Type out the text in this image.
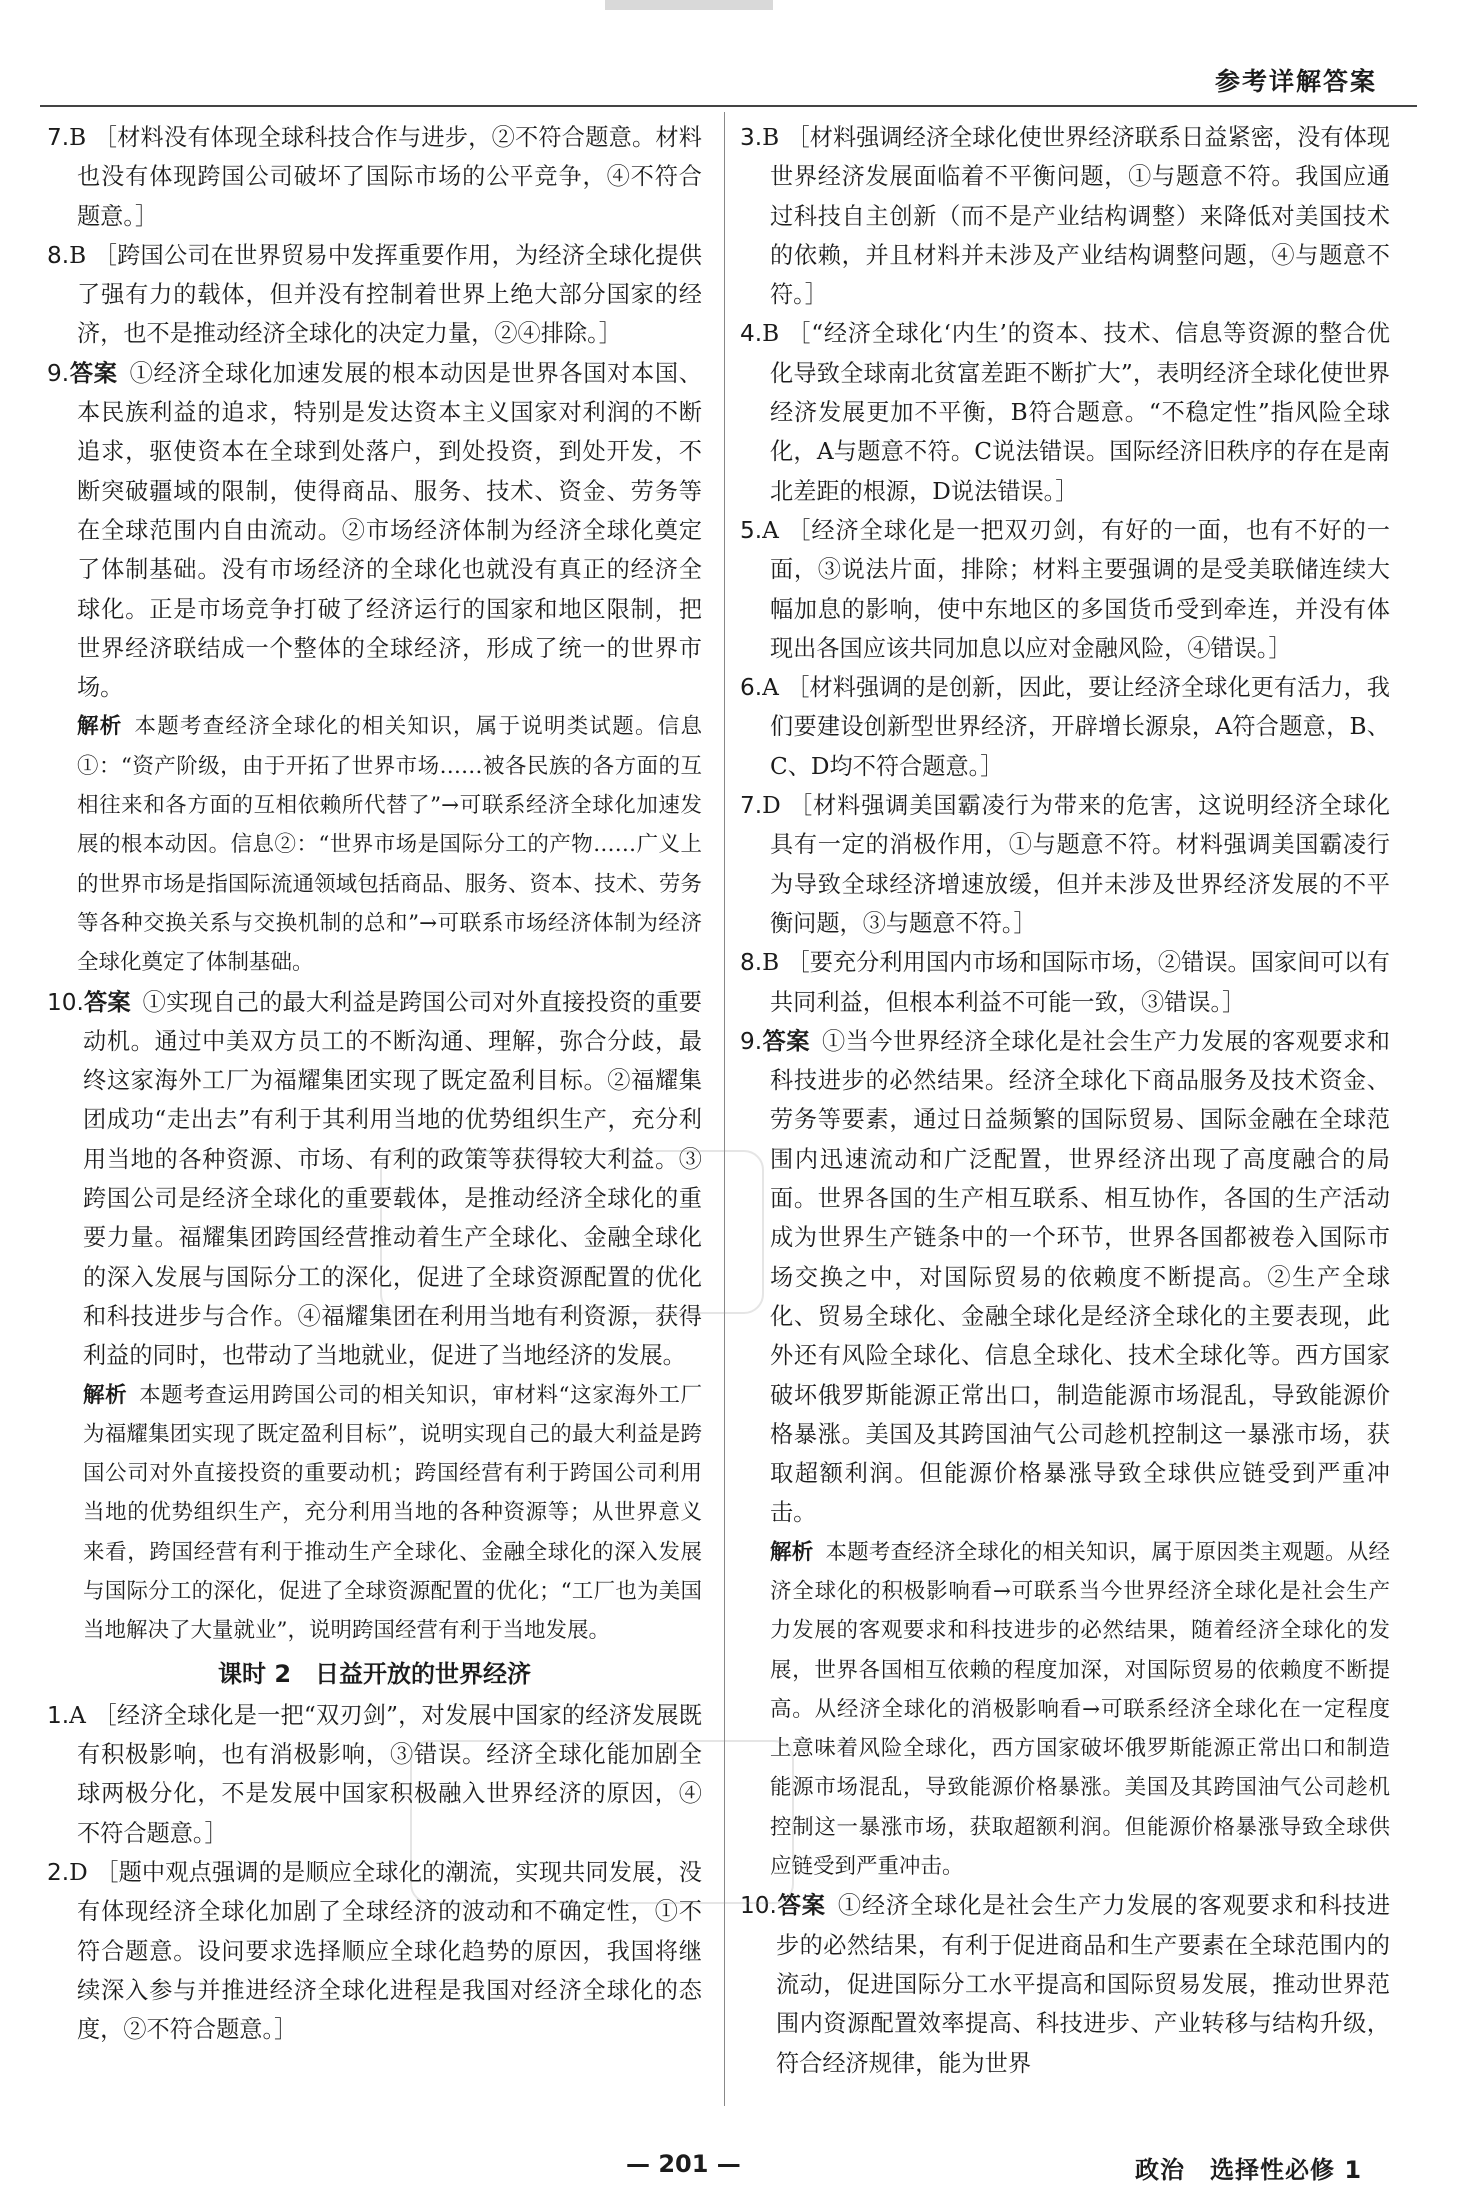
参考详解答案
7.B ［材料没有体现全球科技合作与进步，②不符合题意。材料也没有体现跨国公司破坏了国际市场的公平竞争，④不符合题意。］
8.B ［跨国公司在世界贸易中发挥重要作用，为经济全球化提供了强有力的载体，但并没有控制着世界上绝大部分国家的经济，也不是推动经济全球化的决定力量，②④排除。］
9.答案 ①经济全球化加速发展的根本动因是世界各国对本国、本民族利益的追求，特别是发达资本主义国家对利润的不断追求，驱使资本在全球到处落户，到处投资，到处开发，不断突破疆域的限制，使得商品、服务、技术、资金、劳务等在全球范围内自由流动。②市场经济体制为经济全球化奠定了体制基础。没有市场经济的全球化也就没有真正的经济全球化。正是市场竞争打破了经济运行的国家和地区限制，把世界经济联结成一个整体的全球经济，形成了统一的世界市场。
解析 本题考查经济全球化的相关知识，属于说明类试题。信息①：“资产阶级，由于开拓了世界市场……被各民族的各方面的互相往来和各方面的互相依赖所代替了”→可联系经济全球化加速发展的根本动因。信息②：“世界市场是国际分工的产物……广义上的世界市场是指国际流通领域包括商品、服务、资本、技术、劳务等各种交换关系与交换机制的总和”→可联系市场经济体制为经济全球化奠定了体制基础。
10.答案 ①实现自己的最大利益是跨国公司对外直接投资的重要动机。通过中美双方员工的不断沟通、理解，弥合分歧，最终这家海外工厂为福耀集团实现了既定盈利目标。②福耀集团成功“走出去”有利于其利用当地的优势组织生产，充分利用当地的各种资源、市场、有利的政策等获得较大利益。③跨国公司是经济全球化的重要载体，是推动经济全球化的重要力量。福耀集团跨国经营推动着生产全球化、金融全球化的深入发展与国际分工的深化，促进了全球资源配置的优化和科技进步与合作。④福耀集团在利用当地有利资源，获得利益的同时，也带动了当地就业，促进了当地经济的发展。
解析 本题考查运用跨国公司的相关知识，审材料“这家海外工厂为福耀集团实现了既定盈利目标”，说明实现自己的最大利益是跨国公司对外直接投资的重要动机；跨国经营有利于跨国公司利用当地的优势组织生产，充分利用当地的各种资源等；从世界意义来看，跨国经营有利于推动生产全球化、金融全球化的深入发展与国际分工的深化，促进了全球资源配置的优化；“工厂也为美国当地解决了大量就业”，说明跨国经营有利于当地发展。
课时 2　日益开放的世界经济
1.A ［经济全球化是一把“双刃剑”，对发展中国家的经济发展既有积极影响，也有消极影响，③错误。经济全球化能加剧全球两极分化，不是发展中国家积极融入世界经济的原因，④不符合题意。］
2.D ［题中观点强调的是顺应全球化的潮流，实现共同发展，没有体现经济全球化加剧了全球经济的波动和不确定性，①不符合题意。设问要求选择顺应全球化趋势的原因，我国将继续深入参与并推进经济全球化进程是我国对经济全球化的态度，②不符合题意。］
3.B ［材料强调经济全球化使世界经济联系日益紧密，没有体现世界经济发展面临着不平衡问题，①与题意不符。我国应通过科技自主创新（而不是产业结构调整）来降低对美国技术的依赖，并且材料并未涉及产业结构调整问题，④与题意不符。］
4.B ［“经济全球化‘内生’的资本、技术、信息等资源的整合优化导致全球南北贫富差距不断扩大”，表明经济全球化使世界经济发展更加不平衡，B符合题意。“不稳定性”指风险全球化，A与题意不符。C说法错误。国际经济旧秩序的存在是南北差距的根源，D说法错误。］
5.A ［经济全球化是一把双刃剑，有好的一面，也有不好的一面，③说法片面，排除；材料主要强调的是受美联储连续大幅加息的影响，使中东地区的多国货币受到牵连，并没有体现出各国应该共同加息以应对金融风险，④错误。］
6.A ［材料强调的是创新，因此，要让经济全球化更有活力，我们要建设创新型世界经济，开辟增长源泉，A符合题意，B、C、D均不符合题意。］
7.D ［材料强调美国霸凌行为带来的危害，这说明经济全球化具有一定的消极作用，①与题意不符。材料强调美国霸凌行为导致全球经济增速放缓，但并未涉及世界经济发展的不平衡问题，③与题意不符。］
8.B ［要充分利用国内市场和国际市场，②错误。国家间可以有共同利益，但根本利益不可能一致，③错误。］
9.答案 ①当今世界经济全球化是社会生产力发展的客观要求和科技进步的必然结果。经济全球化下商品服务及技术资金、劳务等要素，通过日益频繁的国际贸易、国际金融在全球范围内迅速流动和广泛配置，世界经济出现了高度融合的局面。世界各国的生产相互联系、相互协作，各国的生产活动成为世界生产链条中的一个环节，世界各国都被卷入国际市场交换之中，对国际贸易的依赖度不断提高。②生产全球化、贸易全球化、金融全球化是经济全球化的主要表现，此外还有风险全球化、信息全球化、技术全球化等。西方国家破坏俄罗斯能源正常出口，制造能源市场混乱，导致能源价格暴涨。美国及其跨国油气公司趁机控制这一暴涨市场，获取超额利润。但能源价格暴涨导致全球供应链受到严重冲击。
解析 本题考查经济全球化的相关知识，属于原因类主观题。从经济全球化的积极影响看→可联系当今世界经济全球化是社会生产力发展的客观要求和科技进步的必然结果，随着经济全球化的发展，世界各国相互依赖的程度加深，对国际贸易的依赖度不断提高。从经济全球化的消极影响看→可联系经济全球化在一定程度上意味着风险全球化，西方国家破坏俄罗斯能源正常出口和制造能源市场混乱，导致能源价格暴涨。美国及其跨国油气公司趁机控制这一暴涨市场，获取超额利润。但能源价格暴涨导致全球供应链受到严重冲击。
10.答案 ①经济全球化是社会生产力发展的客观要求和科技进步的必然结果，有利于促进商品和生产要素在全球范围内的流动，促进国际分工水平提高和国际贸易发展，推动世界范围内资源配置效率提高、科技进步、产业转移与结构升级，符合经济规律，能为世界
— 201 —	政治　选择性必修 1
